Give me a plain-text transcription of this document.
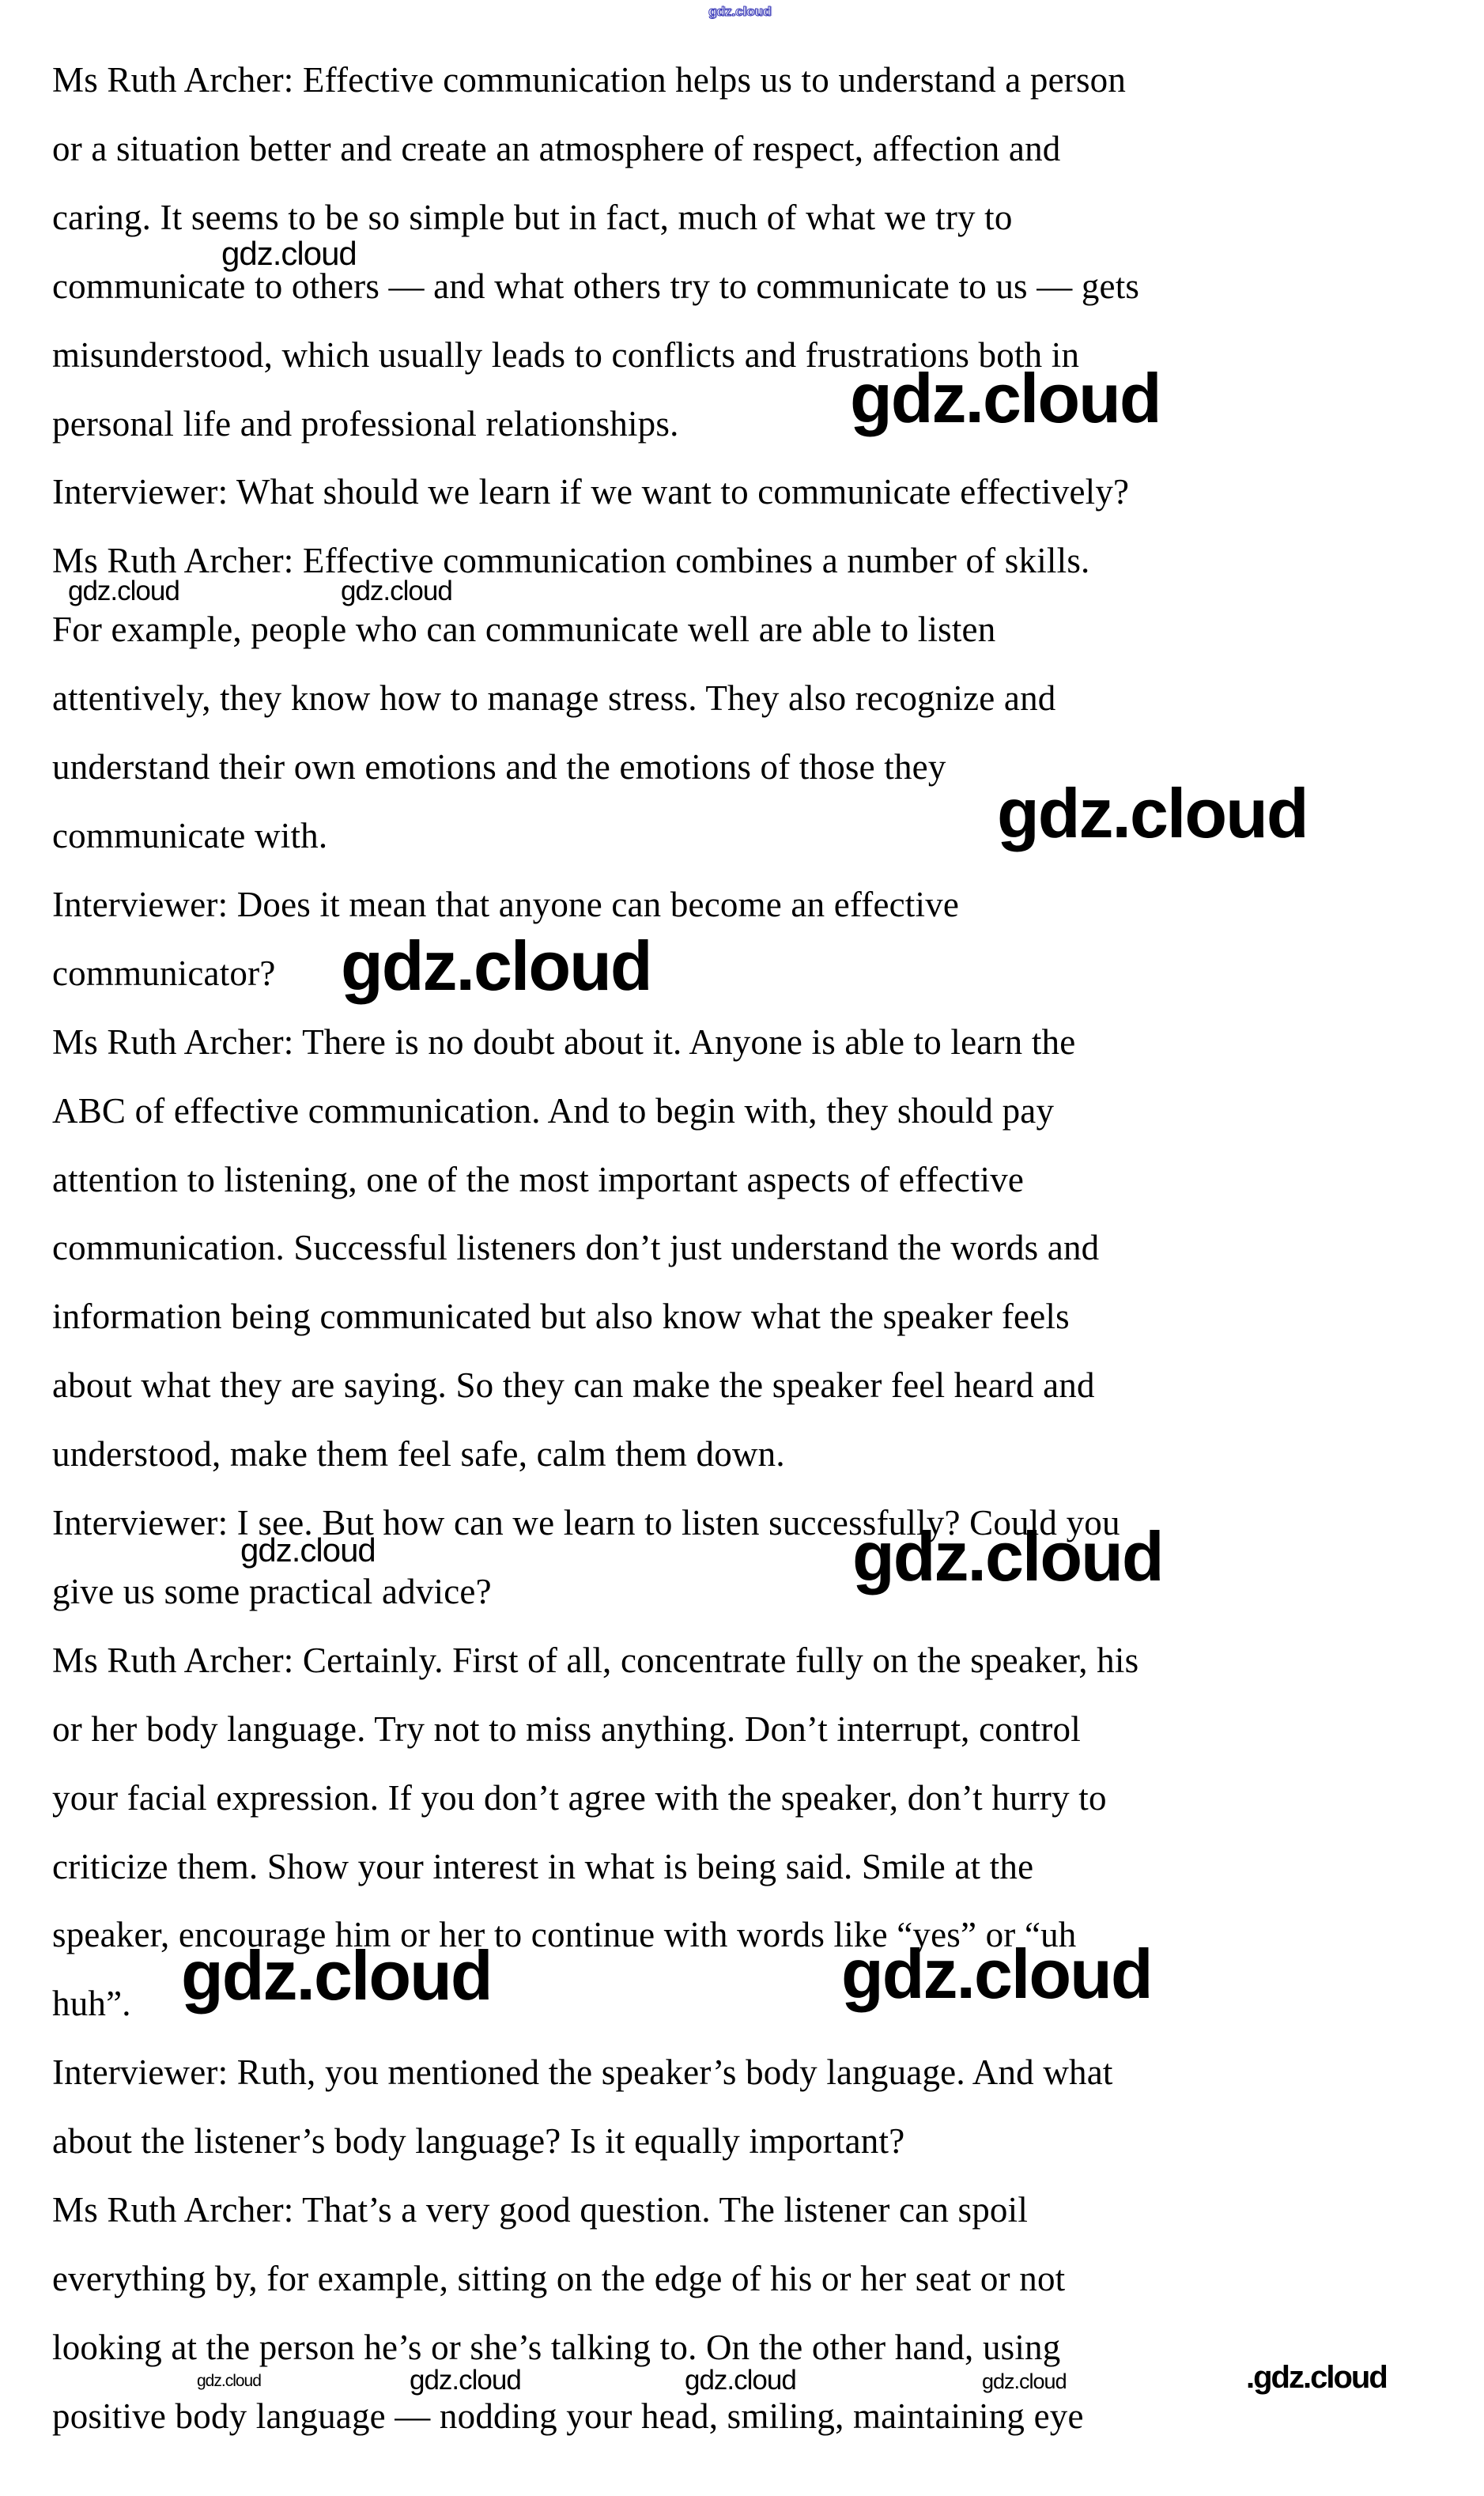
Ms Ruth Archer: Effective communication helps us to understand a person
or a situation better and create an atmosphere of respect, affection and
caring. It seems to be so simple but in fact, much of what we try to
communicate to others — and what others try to communicate to us — gets
misunderstood, which usually leads to conflicts and frustrations both in
personal life and professional relationships.
Interviewer: What should we learn if we want to communicate effectively?
Ms Ruth Archer: Effective communication combines a number of skills.
For example, people who can communicate well are able to listen
attentively, they know how to manage stress. They also recognize and
understand their own emotions and the emotions of those they
communicate with.
Interviewer: Does it mean that anyone can become an effective
communicator?
Ms Ruth Archer: There is no doubt about it. Anyone is able to learn the
ABC of effective communication. And to begin with, they should pay
attention to listening, one of the most important aspects of effective
communication. Successful listeners don’t just understand the words and
information being communicated but also know what the speaker feels
about what they are saying. So they can make the speaker feel heard and
understood, make them feel safe, calm them down.
Interviewer: I see. But how can we learn to listen successfully? Could you
give us some practical advice?
Ms Ruth Archer: Certainly. First of all, concentrate fully on the speaker, his
or her body language. Try not to miss anything. Don’t interrupt, control
your facial expression. If you don’t agree with the speaker, don’t hurry to
criticize them. Show your interest in what is being said. Smile at the
speaker, encourage him or her to continue with words like “yes” or “uh
huh”.
Interviewer: Ruth, you mentioned the speaker’s body language. And what
about the listener’s body language? Is it equally important?
Ms Ruth Archer: That’s a very good question. The listener can spoil
everything by, for example, sitting on the edge of his or her seat or not
looking at the person he’s or she’s talking to. On the other hand, using
positive body language — nodding your head, smiling, maintaining eye
gdz.cloud
gdz.cloud
gdz.cloud
gdz.cloud	gdz.cloud
gdz.cloud
gdz.cloud
gdz.cloud	gdz.cloud
gdz.cloud	gdz.cloud
gdz.cloud	gdz.cloud	gdz.cloud	gdz.cloud	.gdz.cloud
